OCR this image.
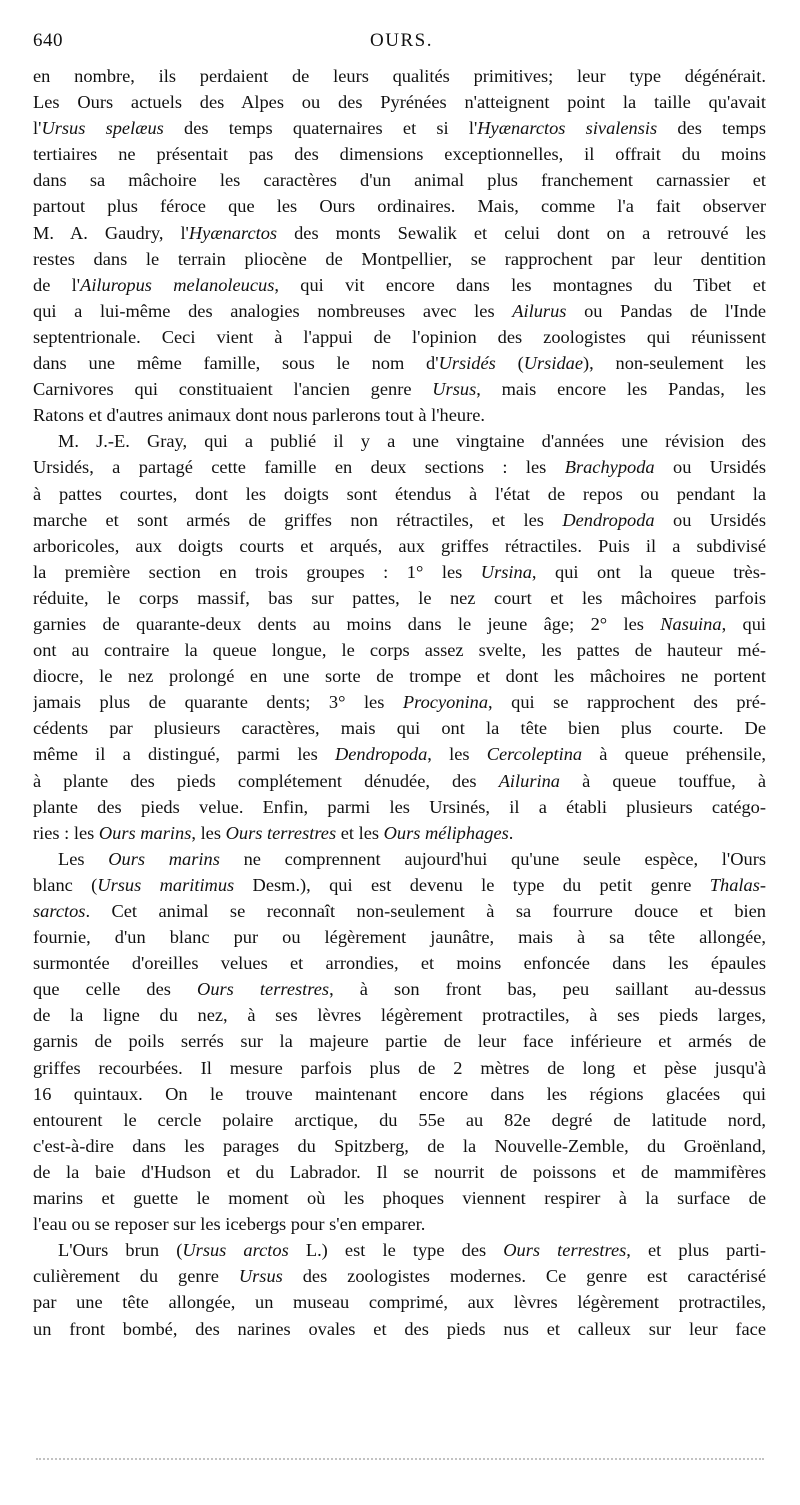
640	OURS.
en nombre, ils perdaient de leurs qualités primitives; leur type dégénérait.
Les Ours actuels des Alpes ou des Pyrénées n'atteignent point la taille qu'avait
l'Ursus spelæus des temps quaternaires et si l'Hyænarctos sivalensis des temps
tertiaires ne présentait pas des dimensions exceptionnelles, il offrait du moins
dans sa mâchoire les caractères d'un animal plus franchement carnassier et
partout plus féroce que les Ours ordinaires. Mais, comme l'a fait observer
M. A. Gaudry, l'Hyænarctos des monts Sewalik et celui dont on a retrouvé les
restes dans le terrain pliocène de Montpellier, se rapprochent par leur dentition
de l'Ailuropus melanoleucus, qui vit encore dans les montagnes du Tibet et
qui a lui-même des analogies nombreuses avec les Ailurus ou Pandas de l'Inde
septentrionale. Ceci vient à l'appui de l'opinion des zoologistes qui réunissent
dans une même famille, sous le nom d'Ursidés (Ursidae), non-seulement les
Carnivores qui constituaient l'ancien genre Ursus, mais encore les Pandas, les
Ratons et d'autres animaux dont nous parlerons tout à l'heure.
M. J.-E. Gray, qui a publié il y a une vingtaine d'années une révision des
Ursidés, a partagé cette famille en deux sections : les Brachypoda ou Ursidés
à pattes courtes, dont les doigts sont étendus à l'état de repos ou pendant la
marche et sont armés de griffes non rétractiles, et les Dendropoda ou Ursidés
arboricoles, aux doigts courts et arqués, aux griffes rétractiles. Puis il a subdivisé
la première section en trois groupes : 1° les Ursina, qui ont la queue très-
réduite, le corps massif, bas sur pattes, le nez court et les mâchoires parfois
garnies de quarante-deux dents au moins dans le jeune âge; 2° les Nasuina, qui
ont au contraire la queue longue, le corps assez svelte, les pattes de hauteur mé-
diocre, le nez prolongé en une sorte de trompe et dont les mâchoires ne portent
jamais plus de quarante dents; 3° les Procyonina, qui se rapprochent des pré-
cédents par plusieurs caractères, mais qui ont la tête bien plus courte. De
même il a distingué, parmi les Dendropoda, les Cercoleptina à queue préhensile,
à plante des pieds complétement dénudée, des Ailurina à queue touffue, à
plante des pieds velue. Enfin, parmi les Ursinés, il a établi plusieurs catégo-
ries : les Ours marins, les Ours terrestres et les Ours méliphages.
Les Ours marins ne comprennent aujourd'hui qu'une seule espèce, l'Ours
blanc (Ursus maritimus Desm.), qui est devenu le type du petit genre Thalas-
sarctos. Cet animal se reconnaît non-seulement à sa fourrure douce et bien
fournie, d'un blanc pur ou légèrement jaunâtre, mais à sa tête allongée,
surmontée d'oreilles velues et arrondies, et moins enfoncée dans les épaules
que celle des Ours terrestres, à son front bas, peu saillant au-dessus
de la ligne du nez, à ses lèvres légèrement protractiles, à ses pieds larges,
garnis de poils serrés sur la majeure partie de leur face inférieure et armés de
griffes recourbées. Il mesure parfois plus de 2 mètres de long et pèse jusqu'à
16 quintaux. On le trouve maintenant encore dans les régions glacées qui
entourent le cercle polaire arctique, du 55e au 82e degré de latitude nord,
c'est-à-dire dans les parages du Spitzberg, de la Nouvelle-Zemble, du Groënland,
de la baie d'Hudson et du Labrador. Il se nourrit de poissons et de mammifères
marins et guette le moment où les phoques viennent respirer à la surface de
l'eau ou se reposer sur les icebergs pour s'en emparer.
L'Ours brun (Ursus arctos L.) est le type des Ours terrestres, et plus parti-
culièrement du genre Ursus des zoologistes modernes. Ce genre est caractérisé
par une tête allongée, un museau comprimé, aux lèvres légèrement protractiles,
un front bombé, des narines ovales et des pieds nus et calleux sur leur face
